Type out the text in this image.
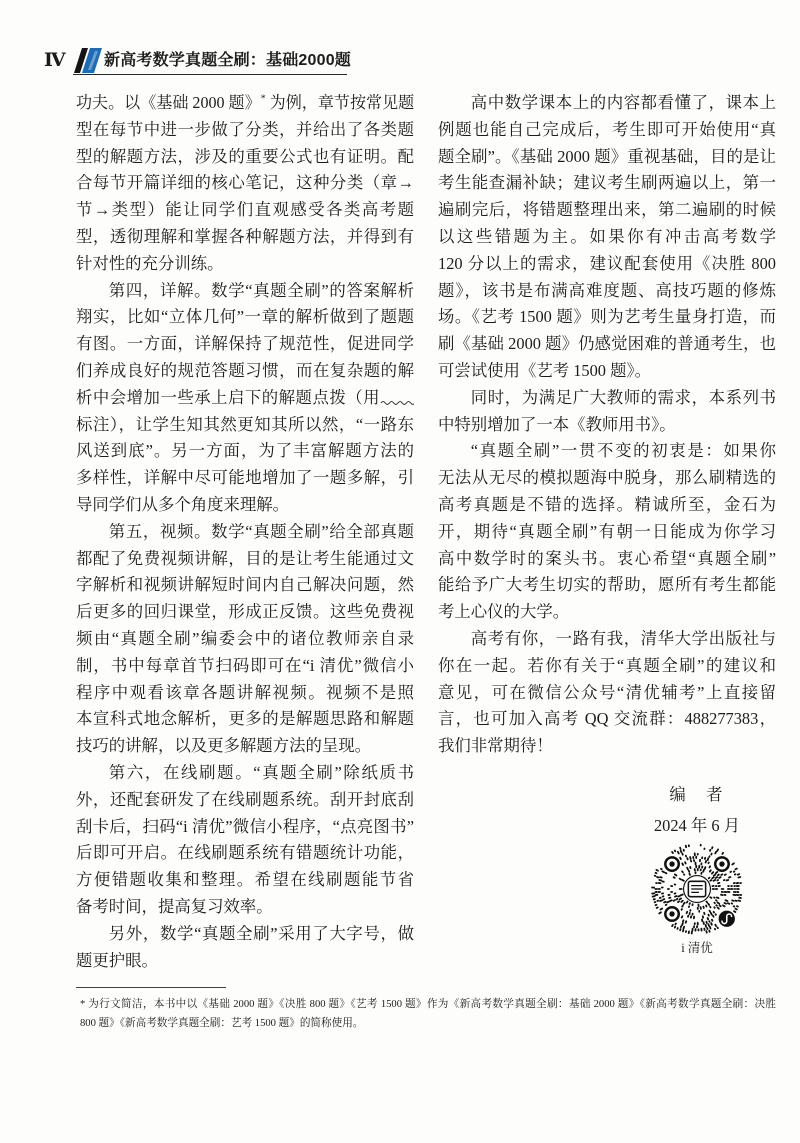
Ⅳ 新高考数学真题全刷：基础2000题
功夫。以《基础 2000 题》* 为例，章节按常见题
型在每节中进一步做了分类，并给出了各类题
型的解题方法，涉及的重要公式也有证明。配
合每节开篇详细的核心笔记，这种分类（章→
节→类型）能让同学们直观感受各类高考题
型，透彻理解和掌握各种解题方法，并得到有
针对性的充分训练。
第四，详解。数学“真题全刷”的答案解析
翔实，比如“立体几何”一章的解析做到了题题
有图。一方面，详解保持了规范性，促进同学
们养成良好的规范答题习惯，而在复杂题的解
析中会增加一些承上启下的解题点拨（用
标注），让学生知其然更知其所以然，“一路东
风送到底”。另一方面，为了丰富解题方法的
多样性，详解中尽可能地增加了一题多解，引
导同学们从多个角度来理解。
第五，视频。数学“真题全刷”给全部真题
都配了免费视频讲解，目的是让考生能通过文
字解析和视频讲解短时间内自己解决问题，然
后更多的回归课堂，形成正反馈。这些免费视
频由“真题全刷”编委会中的诸位教师亲自录
制，书中每章首节扫码即可在“i 清优”微信小
程序中观看该章各题讲解视频。视频不是照
本宣科式地念解析，更多的是解题思路和解题
技巧的讲解，以及更多解题方法的呈现。
第六，在线刷题。“真题全刷”除纸质书
外，还配套研发了在线刷题系统。刮开封底刮
刮卡后，扫码“i 清优”微信小程序，“点亮图书”
后即可开启。在线刷题系统有错题统计功能，
方便错题收集和整理。希望在线刷题能节省
备考时间，提高复习效率。
另外，数学“真题全刷”采用了大字号，做
题更护眼。
高中数学课本上的内容都看懂了，课本上
例题也能自己完成后，考生即可开始使用“真
题全刷”。《基础 2000 题》重视基础，目的是让
考生能查漏补缺；建议考生刷两遍以上，第一
遍刷完后，将错题整理出来，第二遍刷的时候
以这些错题为主。如果你有冲击高考数学
120 分以上的需求，建议配套使用《决胜 800
题》，该书是布满高难度题、高技巧题的修炼
场。《艺考 1500 题》则为艺考生量身打造，而
刷《基础 2000 题》仍感觉困难的普通考生，也
可尝试使用《艺考 1500 题》。
同时，为满足广大教师的需求，本系列书
中特别增加了一本《教师用书》。
“真题全刷”一贯不变的初衷是：如果你
无法从无尽的模拟题海中脱身，那么刷精选的
高考真题是不错的选择。精诚所至，金石为
开，期待“真题全刷”有朝一日能成为你学习
高中数学时的案头书。衷心希望“真题全刷”
能给予广大考生切实的帮助，愿所有考生都能
考上心仪的大学。
高考有你，一路有我，清华大学出版社与
你在一起。若你有关于“真题全刷”的建议和
意见，可在微信公众号“清优辅考”上直接留
言，也可加入高考 QQ 交流群：488277383，
我们非常期待！
编　者
2024 年 6 月
i 清优
* 为行文简洁，本书中以《基础 2000 题》《决胜 800 题》《艺考 1500 题》作为《新高考数学真题全刷：基础 2000 题》《新高考数学真题全刷：决胜
800 题》《新高考数学真题全刷：艺考 1500 题》的简称使用。
